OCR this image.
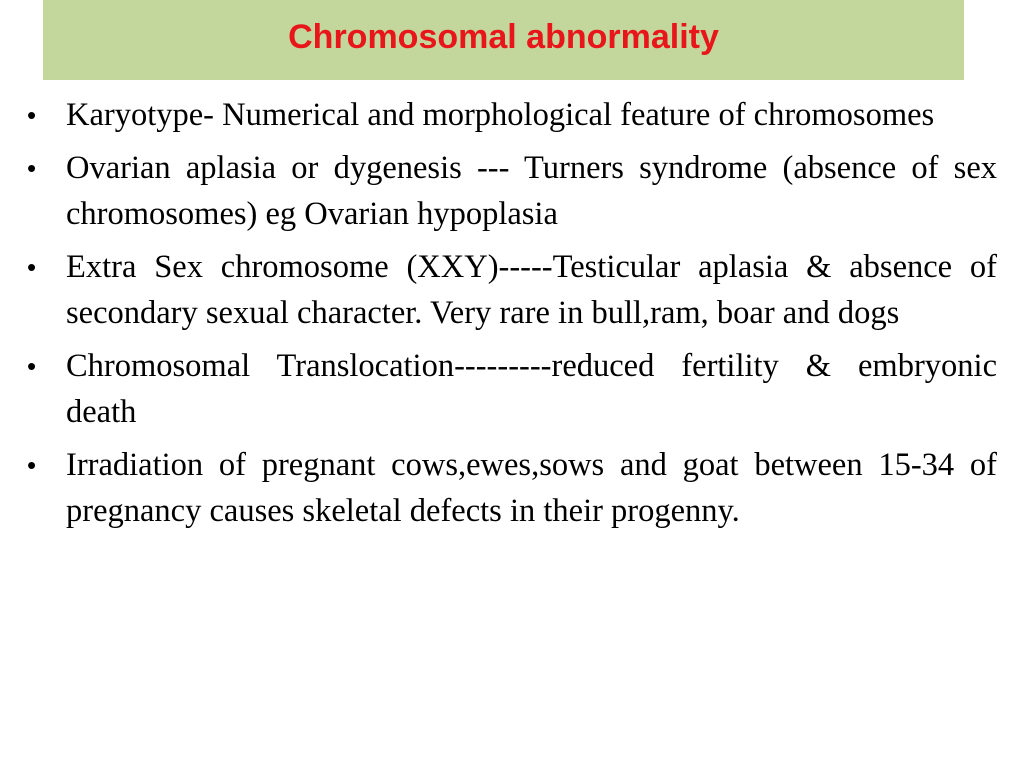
Chromosomal abnormality
• Karyotype- Numerical and morphological feature of chromosomes
• Ovarian aplasia or dygenesis --- Turners syndrome (absence of sex chromosomes) eg Ovarian hypoplasia
• Extra Sex chromosome (XXY)-----Testicular aplasia & absence of secondary sexual character. Very rare in bull,ram, boar and dogs
• Chromosomal Translocation---------reduced fertility & embryonic death
• Irradiation of pregnant cows,ewes,sows and goat between 15-34 of pregnancy causes skeletal defects in their progenny.
